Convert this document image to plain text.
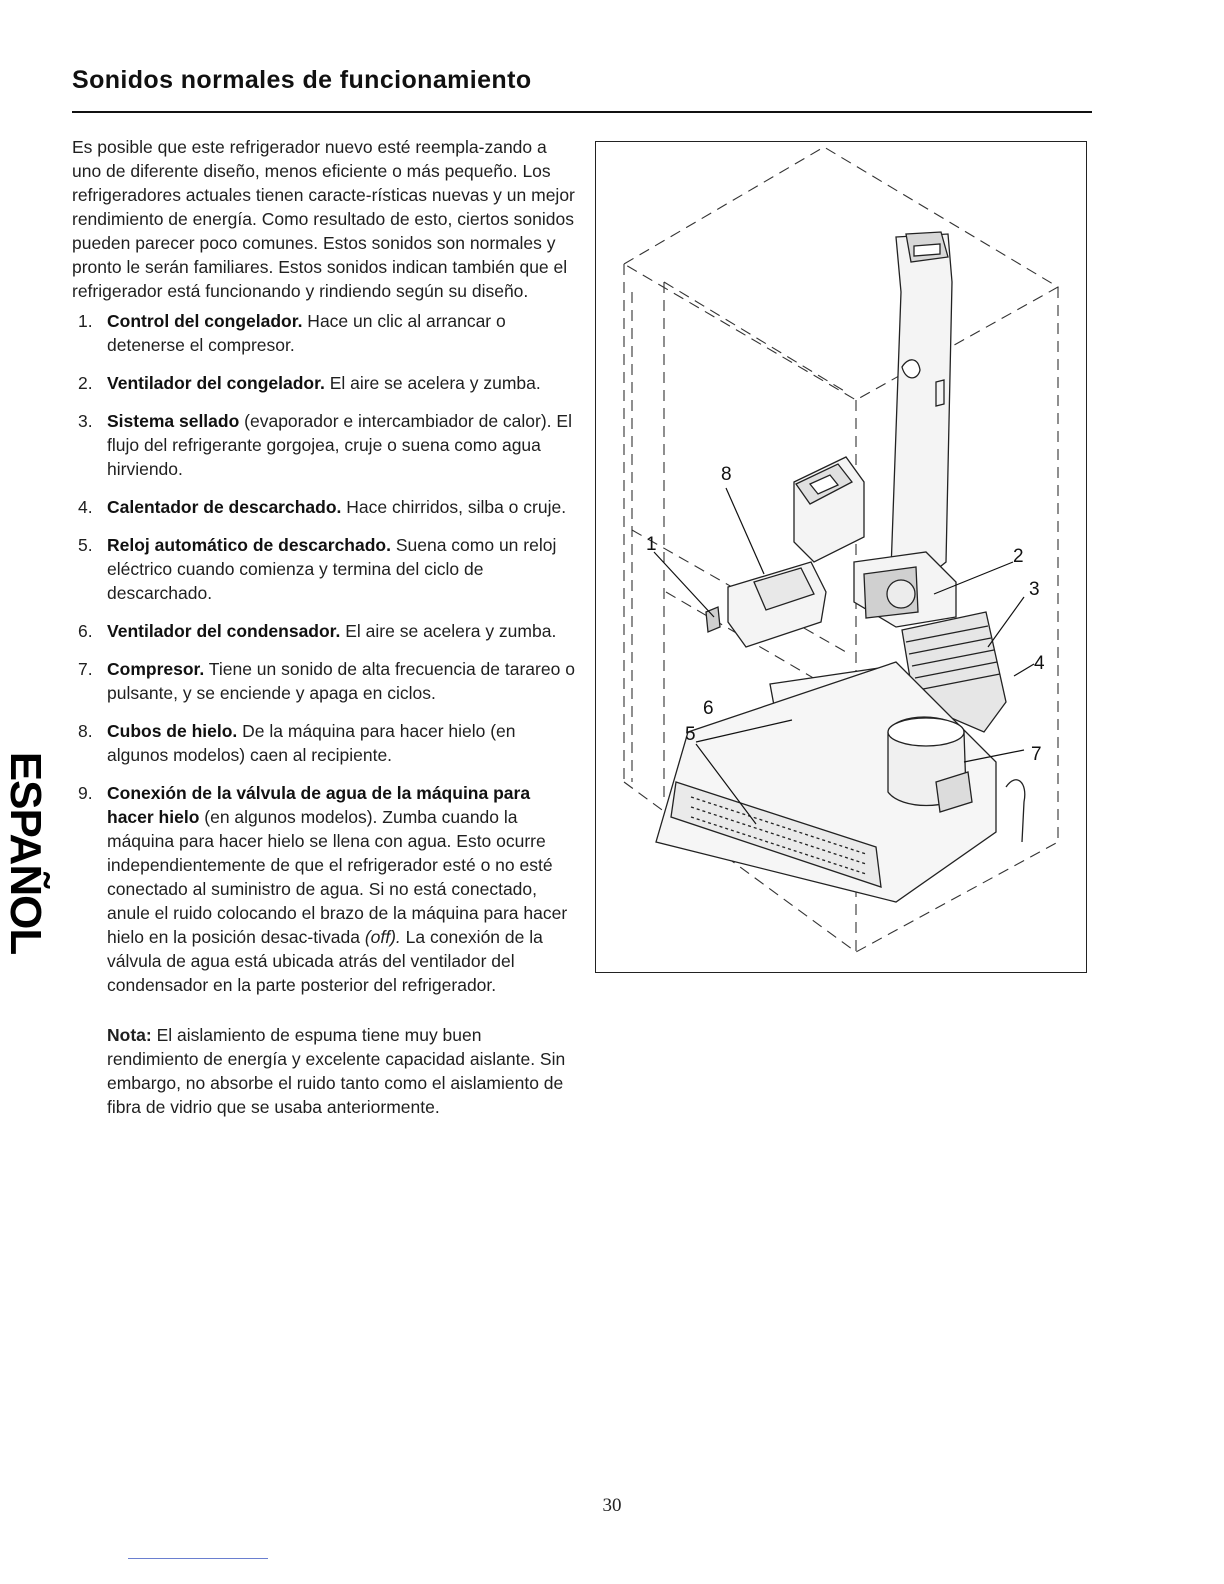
Sonidos normales de funcionamiento
ESPAÑOL

Es posible que este refrigerador nuevo esté reempla-zando a uno de diferente diseño, menos eficiente o más pequeño. Los refrigeradores actuales tienen caracte-rísticas nuevas y un mejor rendimiento de energía. Como resultado de esto, ciertos sonidos pueden parecer poco comunes. Estos sonidos son normales y pronto le serán familiares. Estos sonidos indican también que el refrigerador está funcionando y rindiendo según su diseño.

1. Control del congelador. Hace un clic al arrancar o detenerse el compresor.
2. Ventilador del congelador. El aire se acelera y zumba.
3. Sistema sellado (evaporador e intercambiador de calor). El flujo del refrigerante gorgojea, cruje o suena como agua hirviendo.
4. Calentador de descarchado. Hace chirridos, silba o cruje.
5. Reloj automático de descarchado. Suena como un reloj eléctrico cuando comienza y termina del ciclo de descarchado.
6. Ventilador del condensador. El aire se acelera y zumba.
7. Compresor. Tiene un sonido de alta frecuencia de tarareo o pulsante, y se enciende y apaga en ciclos.
8. Cubos de hielo. De la máquina para hacer hielo (en algunos modelos) caen al recipiente.
9. Conexión de la válvula de agua de la máquina para hacer hielo (en algunos modelos). Zumba cuando la máquina para hacer hielo se llena con agua. Esto ocurre independientemente de que el refrigerador esté o no esté conectado al suministro de agua. Si no está conectado, anule el ruido colocando el brazo de la máquina para hacer hielo en la posición desac-tivada (off). La conexión de la válvula de agua está ubicada atrás del ventilador del condensador en la parte posterior del refrigerador.

Nota: El aislamiento de espuma tiene muy buen rendimiento de energía y excelente capacidad aislante. Sin embargo, no absorbe el ruido tanto como el aislamiento de fibra de vidrio que se usaba anteriormente.

1
2
3
4
5
6
7
8
30
